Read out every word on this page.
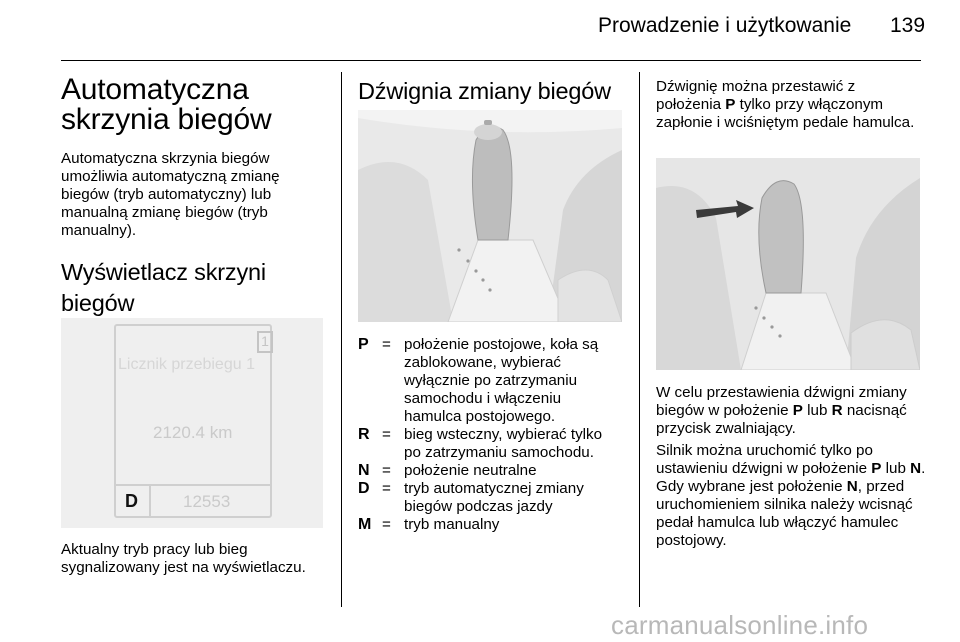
Prowadzenie i użytkowanie 139
Automatyczna skrzynia biegów

Automatyczna skrzynia biegów umożliwia automatyczną zmianę biegów (tryb automatyczny) lub manualną zmianę biegów (tryb manualny).

Wyświetlacz skrzyni biegów
Licznik przebiegu 1
1
2120.4 km
D	12553

Aktualny tryb pracy lub bieg sygnalizowany jest na wyświetlaczu.

Dźwignia zmiany biegów
P = położenie postojowe, koła są zablokowane, wybierać wyłącznie po zatrzymaniu samochodu i włączeniu hamulca postojowego.
R = bieg wsteczny, wybierać tylko po zatrzymaniu samochodu.
N = położenie neutralne
D = tryb automatycznej zmiany biegów podczas jazdy
M = tryb manualny

Dźwignię można przestawić z położenia P tylko przy włączonym zapłonie i wciśniętym pedale hamulca.

W celu przestawienia dźwigni zmiany biegów w położenie P lub R nacisnąć przycisk zwalniający.

Silnik można uruchomić tylko po ustawieniu dźwigni w położenie P lub N. Gdy wybrane jest położenie N, przed uruchomieniem silnika należy wcisnąć pedał hamulca lub włączyć hamulec postojowy.

carmanualsonline.info
